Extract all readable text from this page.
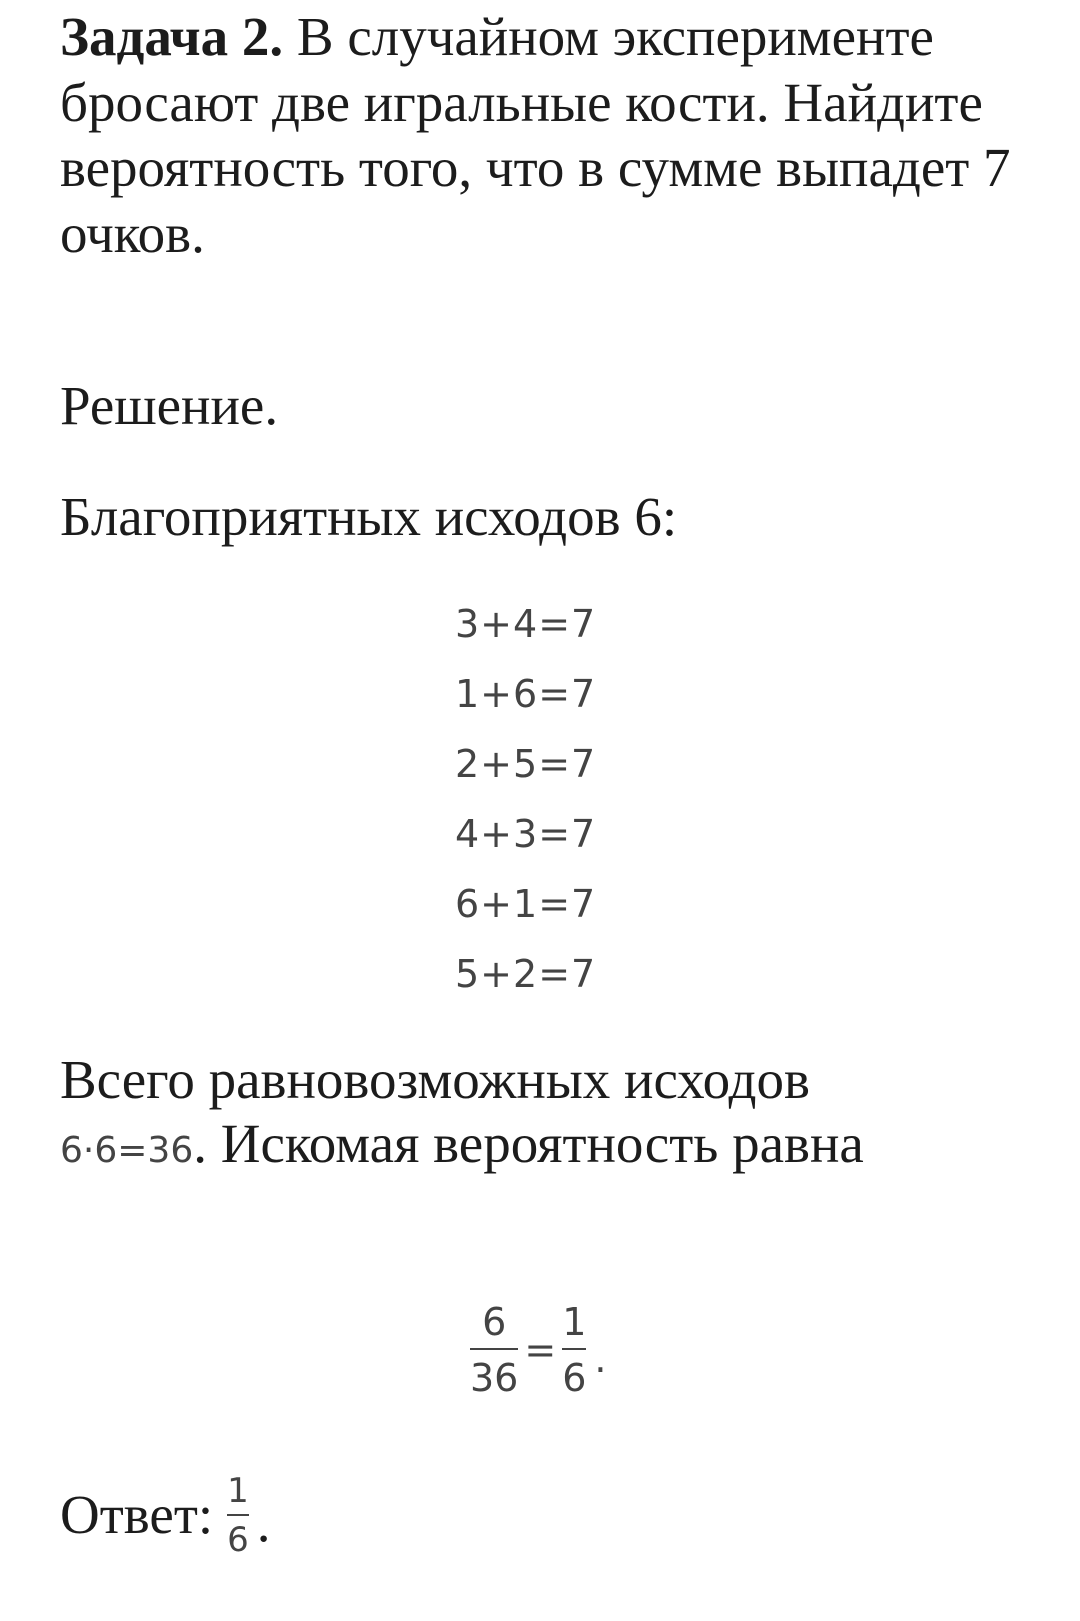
Задача 2. В случайном эксперименте бросают две игральные кости. Найдите вероятность того, что в сумме выпадет 7 очков.

Решение.

Благоприятных исходов 6:

3+4=7
1+6=7
2+5=7
4+3=7
6+1=7
5+2=7

Всего равновозможных исходов
6·6=36. Искомая вероятность равна

$\frac{6}{36} = \frac{1}{6}$ .
Ответ: $\frac{1}{6}$ .
